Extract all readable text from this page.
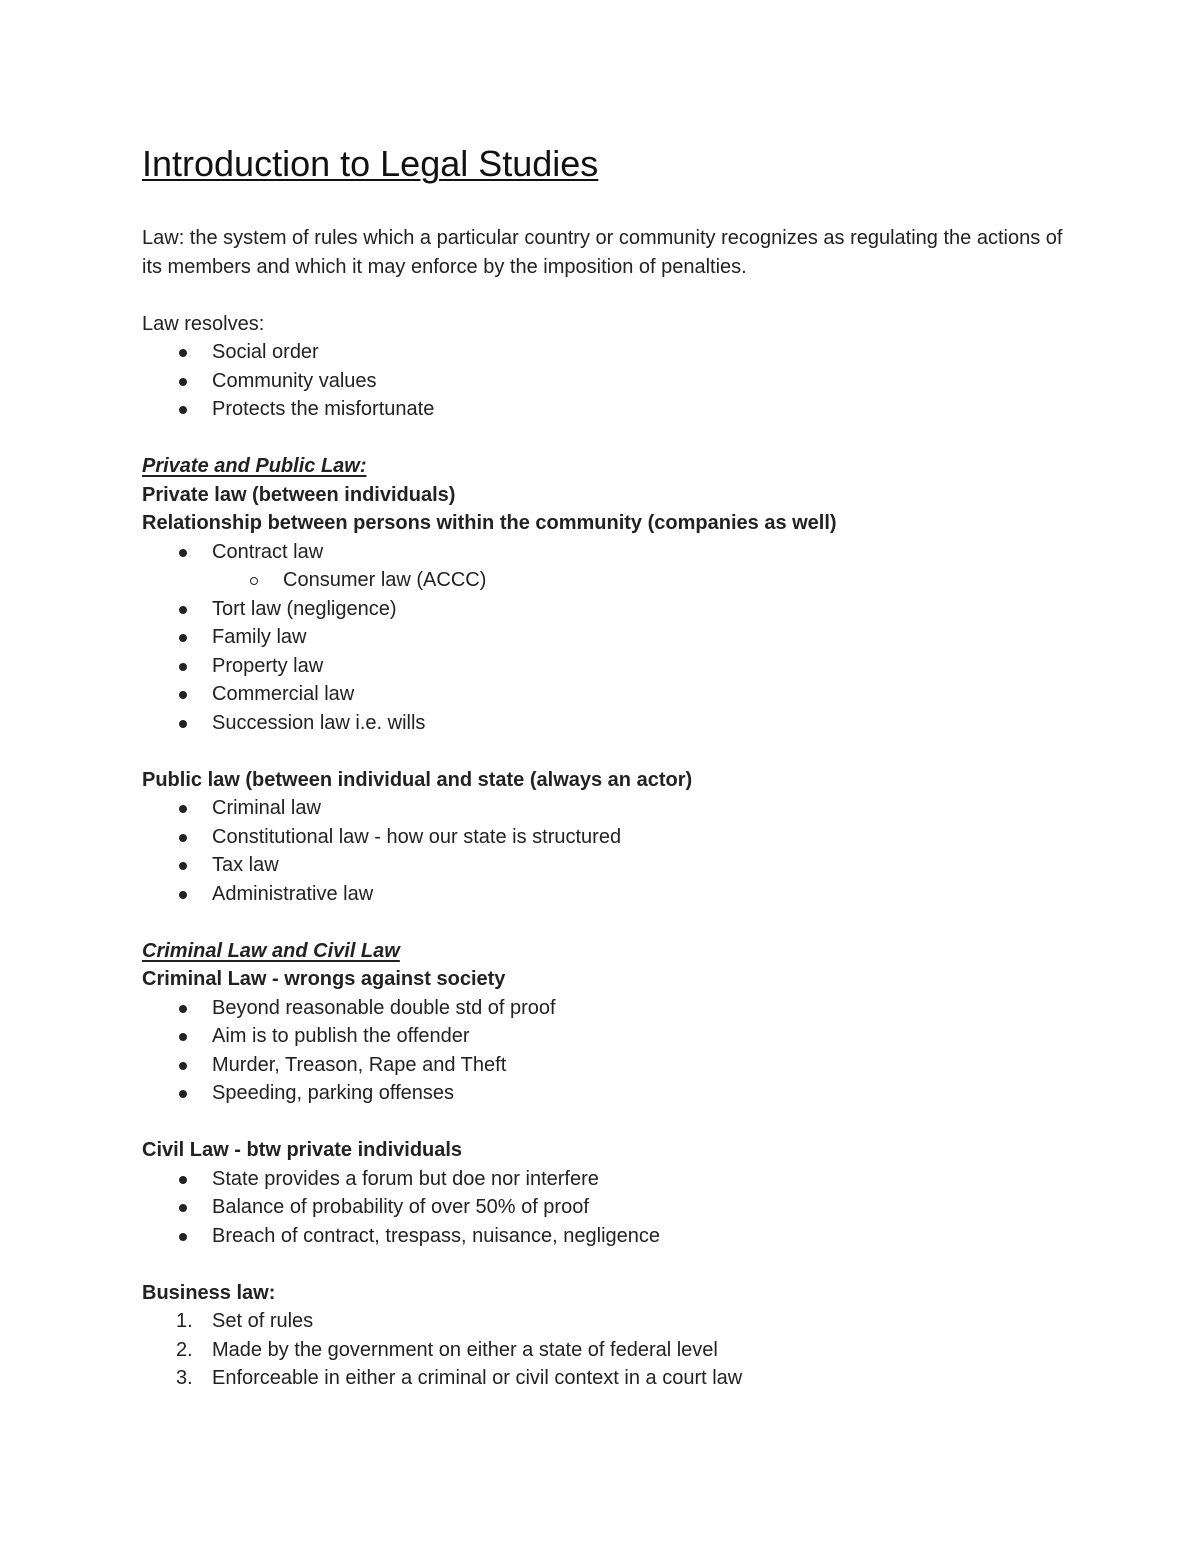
Introduction to Legal Studies

Law: the system of rules which a particular country or community recognizes as regulating the actions of its members and which it may enforce by the imposition of penalties.

Law resolves:

Social order
Community values
Protects the misfortunate

Private and Public Law:

Private law (between individuals)

Relationship between persons within the community (companies as well)

Contract law
Consumer law (ACCC)
Tort law (negligence)
Family law
Property law
Commercial law
Succession law i.e. wills

Public law (between individual and state (always an actor)

Criminal law
Constitutional law - how our state is structured
Tax law
Administrative law

Criminal Law and Civil Law

Criminal Law - wrongs against society

Beyond reasonable double std of proof
Aim is to publish the offender
Murder, Treason, Rape and Theft
Speeding, parking offenses

Civil Law - btw private individuals

State provides a forum but doe nor interfere
Balance of probability of over 50% of proof
Breach of contract, trespass, nuisance, negligence

Business law:

1. Set of rules
2. Made by the government on either a state of federal level
3. Enforceable in either a criminal or civil context in a court law
